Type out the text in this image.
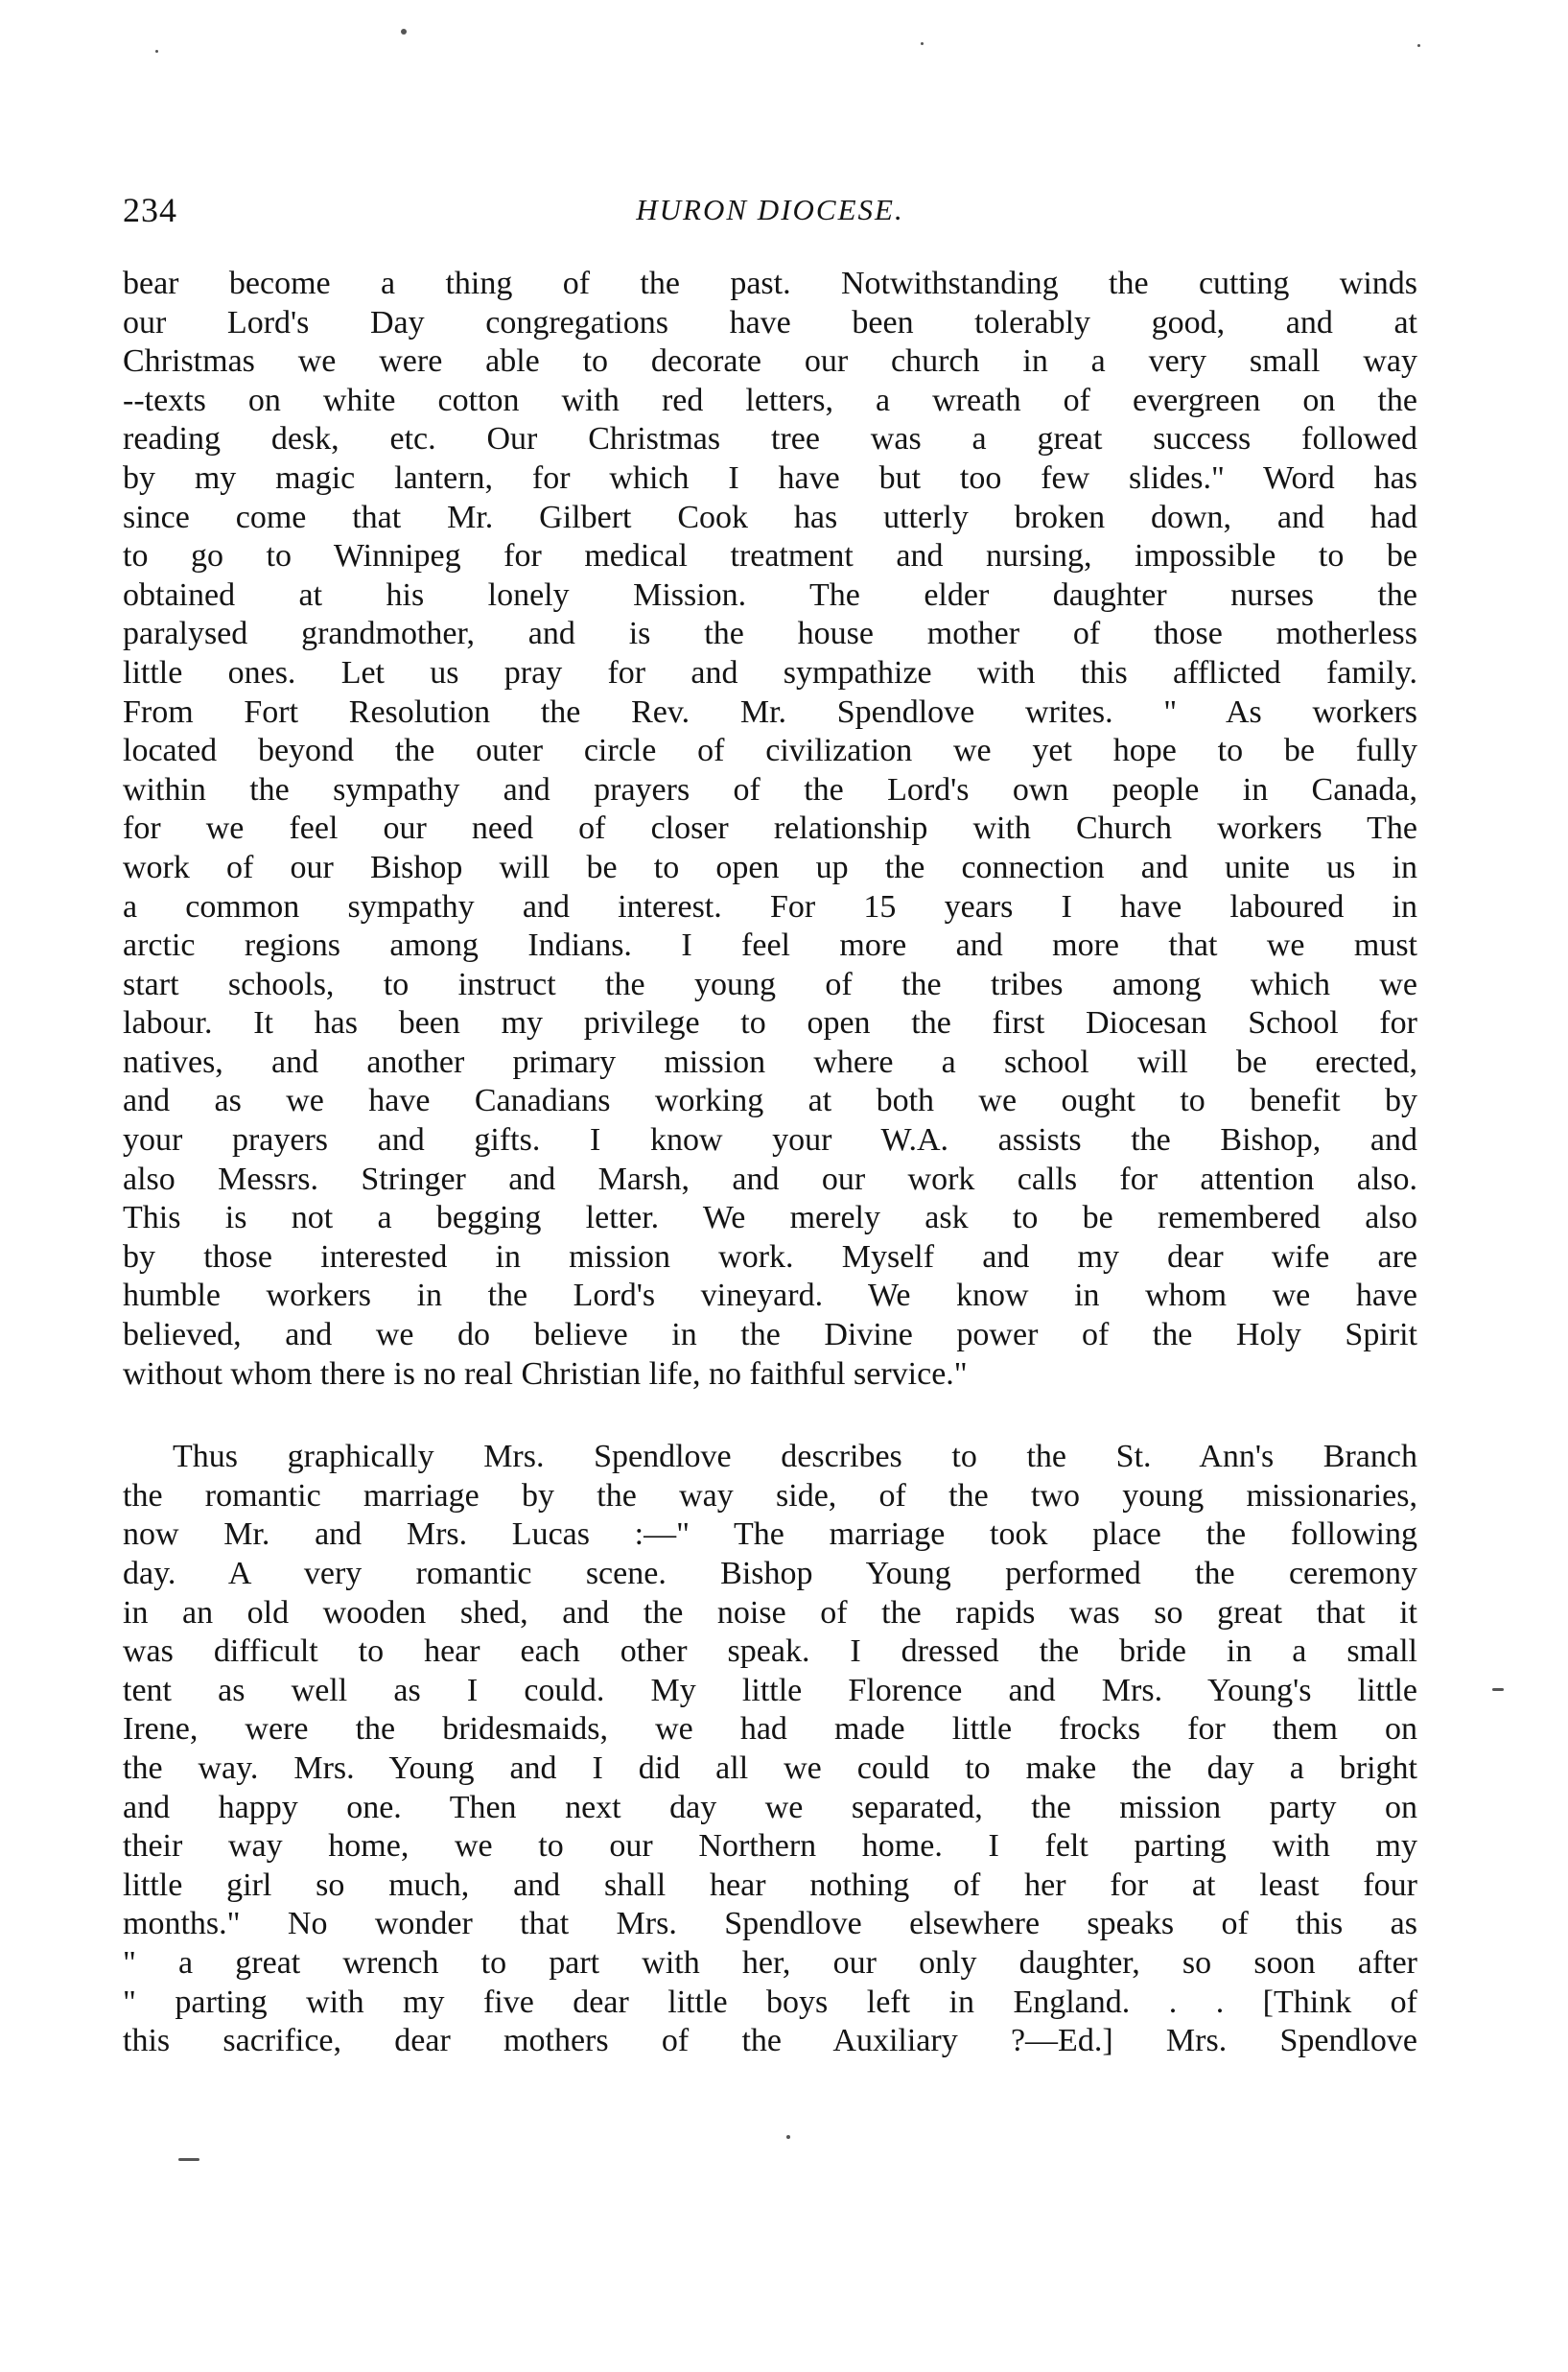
234	HURON DIOCESE.
bear become a thing of the past. Notwithstanding the cutting winds
our Lord's Day congregations have been tolerably good, and at
Christmas we were able to decorate our church in a very small way
--texts on white cotton with red letters, a wreath of evergreen on the
reading desk, etc. Our Christmas tree was a great success followed
by my magic lantern, for which I have but too few slides." Word has
since come that Mr. Gilbert Cook has utterly broken down, and had
to go to Winnipeg for medical treatment and nursing, impossible to be
obtained at his lonely Mission. The elder daughter nurses the
paralysed grandmother, and is the house mother of those motherless
little ones. Let us pray for and sympathize with this afflicted family.
From Fort Resolution the Rev. Mr. Spendlove writes. " As workers
located beyond the outer circle of civilization we yet hope to be fully
within the sympathy and prayers of the Lord's own people in Canada,
for we feel our need of closer relationship with Church workers The
work of our Bishop will be to open up the connection and unite us in
a common sympathy and interest. For 15 years I have laboured in
arctic regions among Indians. I feel more and more that we must
start schools, to instruct the young of the tribes among which we
labour. It has been my privilege to open the first Diocesan School for
natives, and another primary mission where a school will be erected,
and as we have Canadians working at both we ought to benefit by
your prayers and gifts. I know your W.A. assists the Bishop, and
also Messrs. Stringer and Marsh, and our work calls for attention also.
This is not a begging letter. We merely ask to be remembered also
by those interested in mission work. Myself and my dear wife are
humble workers in the Lord's vineyard. We know in whom we have
believed, and we do believe in the Divine power of the Holy Spirit
without whom there is no real Christian life, no faithful service."
Thus graphically Mrs. Spendlove describes to the St. Ann's Branch
the romantic marriage by the way side, of the two young missionaries,
now Mr. and Mrs. Lucas :—" The marriage took place the following
day. A very romantic scene. Bishop Young performed the ceremony
in an old wooden shed, and the noise of the rapids was so great that it
was difficult to hear each other speak. I dressed the bride in a small
tent as well as I could. My little Florence and Mrs. Young's little
Irene, were the bridesmaids, we had made little frocks for them on
the way. Mrs. Young and I did all we could to make the day a bright
and happy one. Then next day we separated, the mission party on
their way home, we to our Northern home. I felt parting with my
little girl so much, and shall hear nothing of her for at least four
months." No wonder that Mrs. Spendlove elsewhere speaks of this as
" a great wrench to part with her, our only daughter, so soon after
" parting with my five dear little boys left in England. . . [Think of
this sacrifice, dear mothers of the Auxiliary ?—Ed.] Mrs. Spendlove
